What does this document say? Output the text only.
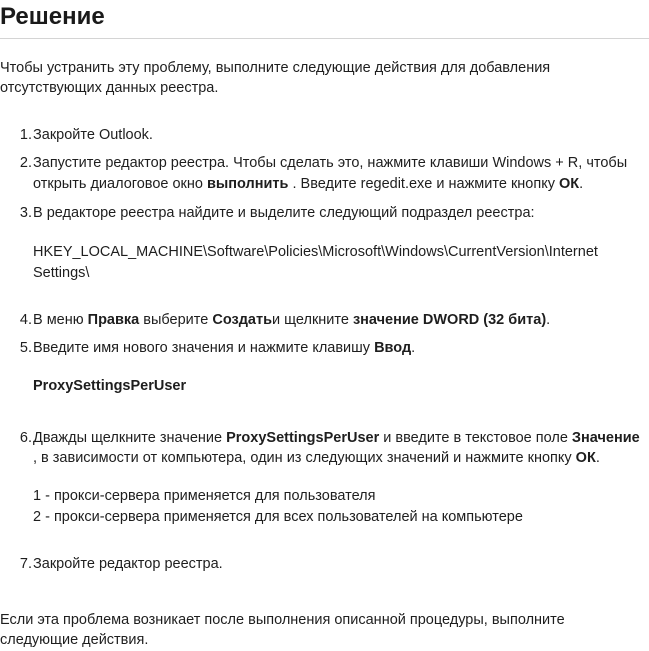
Решение
Чтобы устранить эту проблему, выполните следующие действия для добавления
отсутствующих данных реестра.
1. Закройте Outlook.
2. Запустите редактор реестра. Чтобы сделать это, нажмите клавиши Windows + R, чтобы
открыть диалоговое окно выполнить . Введите regedit.exe и нажмите кнопку ОК.
3. В редакторе реестра найдите и выделите следующий подраздел реестра:
HKEY_LOCAL_MACHINE\Software\Policies\Microsoft\Windows\CurrentVersion\Internet
Settings\
4. В меню Правка выберите Создатьи щелкните значение DWORD (32 бита).
5. Введите имя нового значения и нажмите клавишу Ввод.
ProxySettingsPerUser
6. Дважды щелкните значение ProxySettingsPerUser и введите в текстовое поле Значение
, в зависимости от компьютера, один из следующих значений и нажмите кнопку ОК.
1 - прокси-сервера применяется для пользователя
2 - прокси-сервера применяется для всех пользователей на компьютере
7. Закройте редактор реестра.
Если эта проблема возникает после выполнения описанной процедуры, выполните
следующие действия.
